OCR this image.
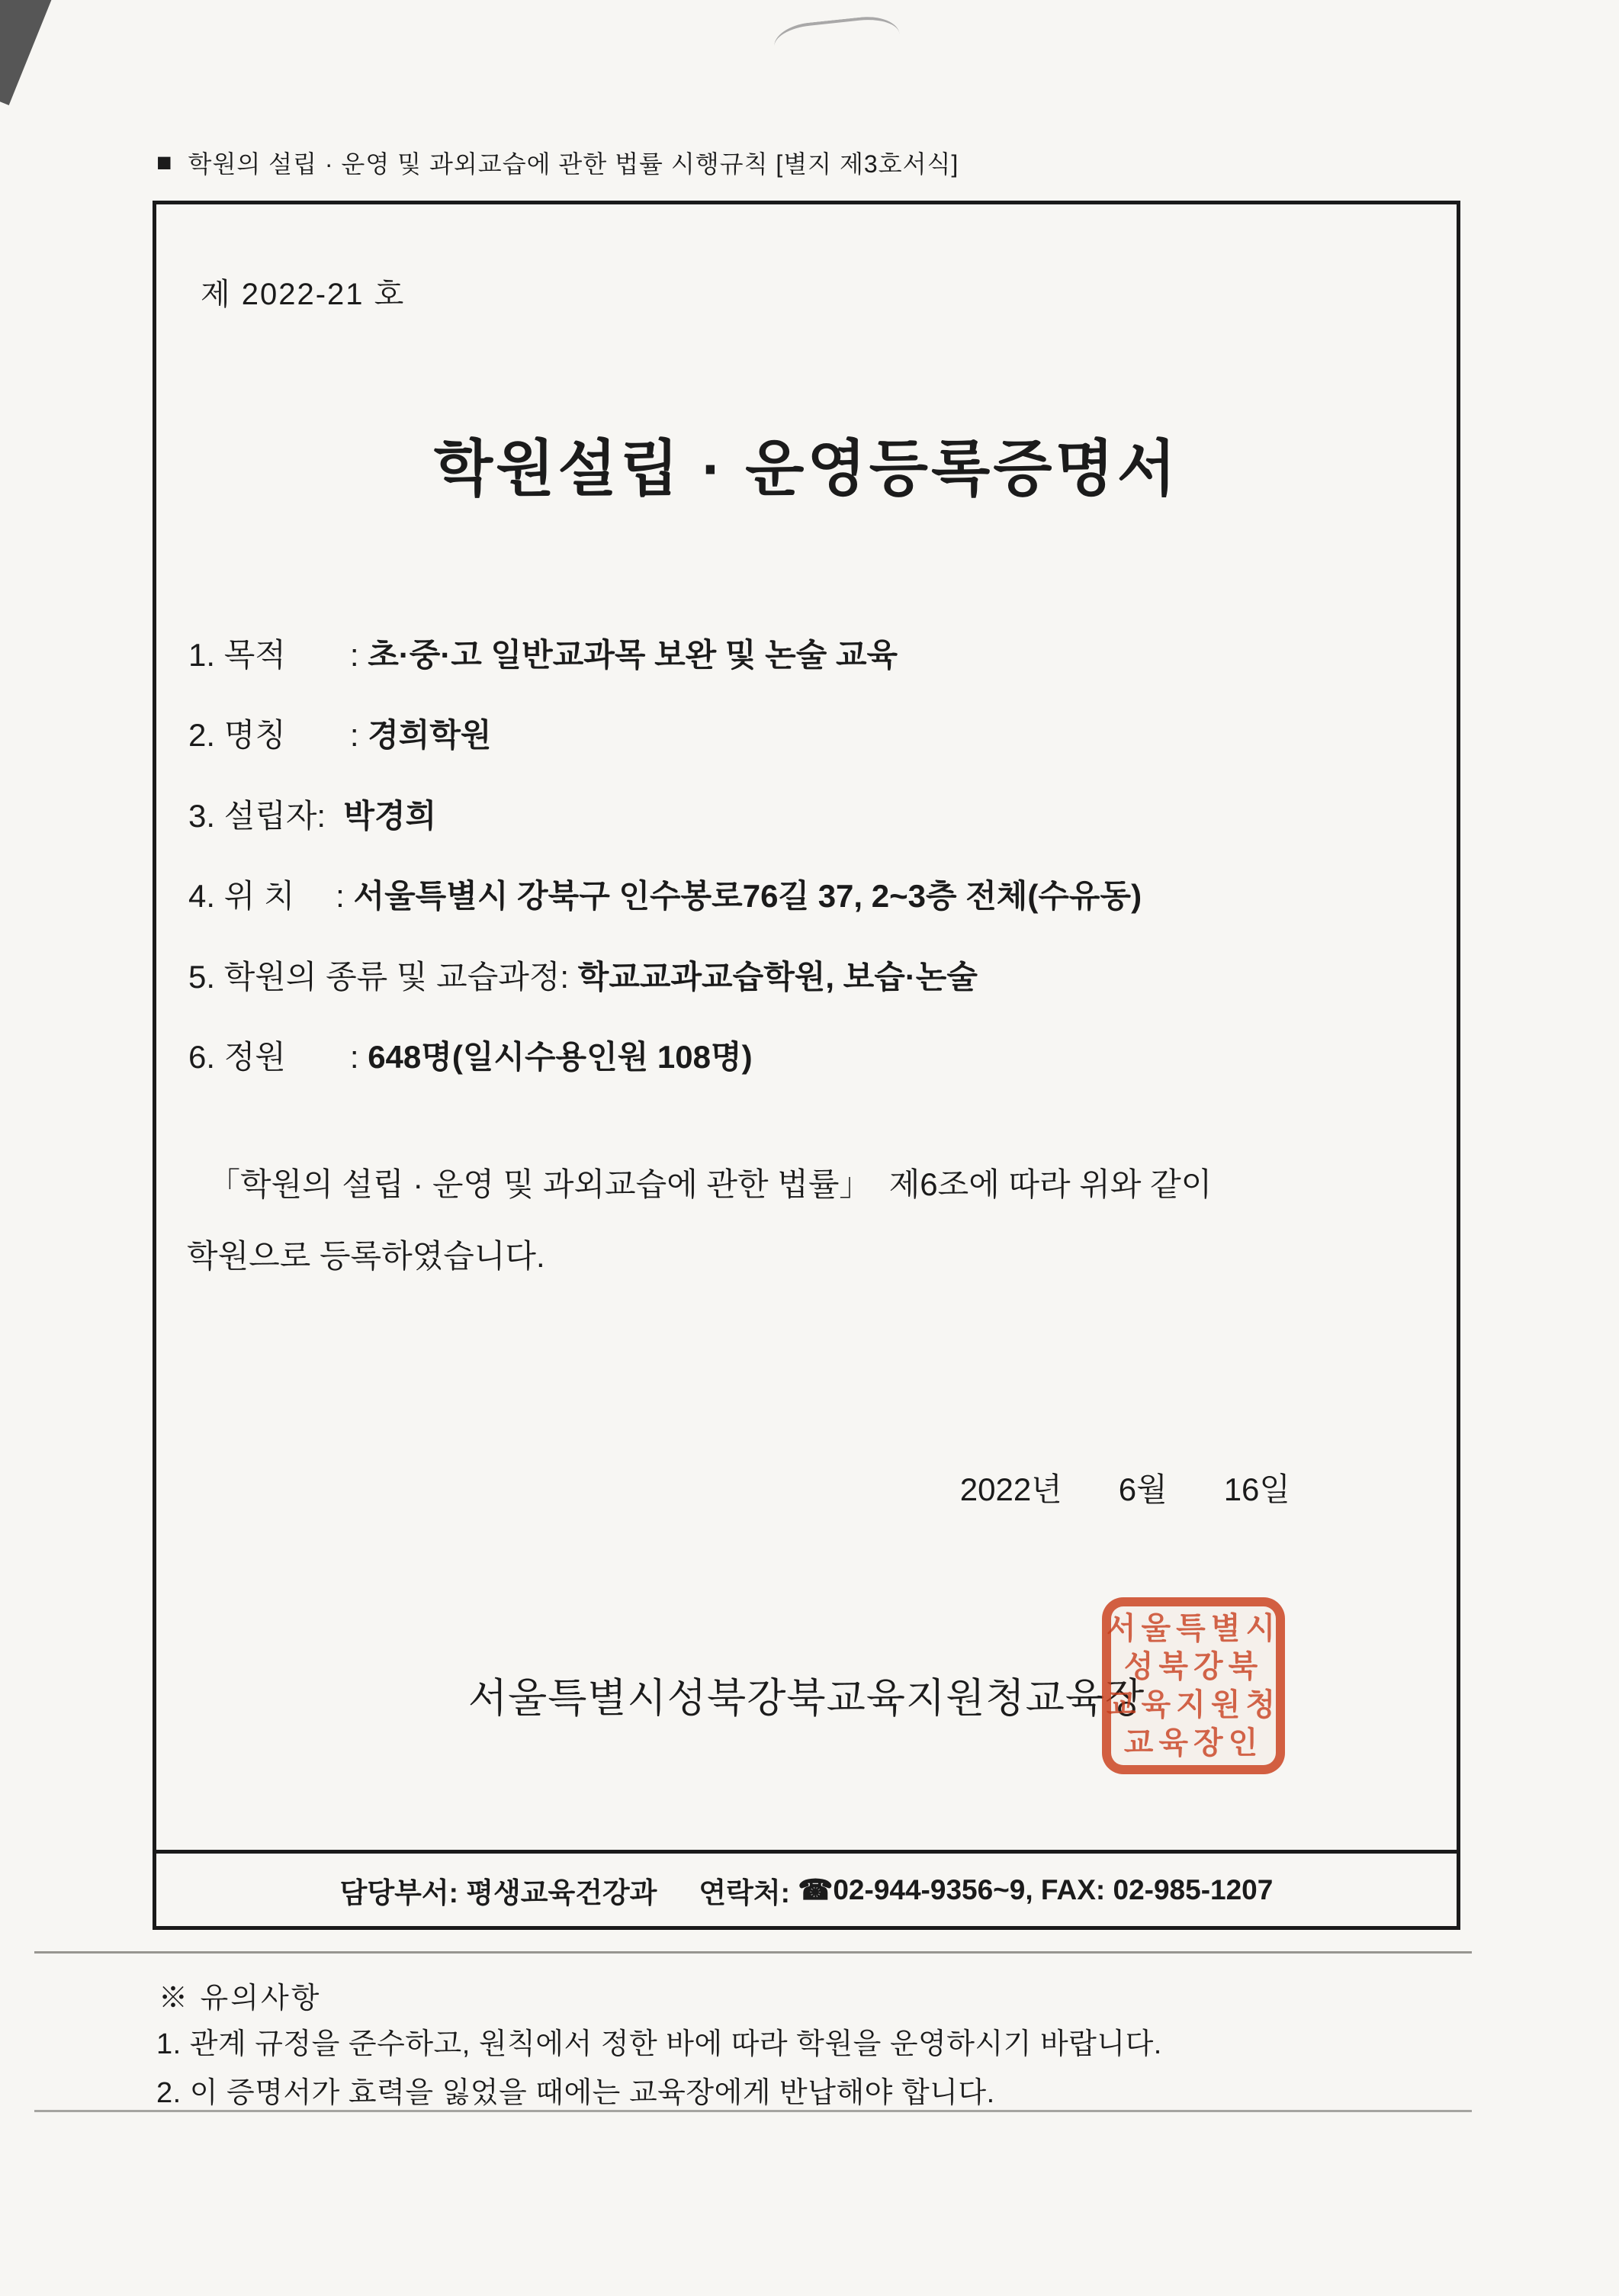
■ 학원의 설립 · 운영 및 과외교습에 관한 법률 시행규칙 [별지 제3호서식]
제 2022-21 호
학원설립 · 운영등록증명서
1. 목적　　: 초·중·고 일반교과목 보완 및 논술 교육
2. 명칭　　: 경희학원
3. 설립자: 박경희
4. 위 치　 : 서울특별시 강북구 인수봉로76길 37, 2~3층 전체(수유동)
5. 학원의 종류 및 교습과정: 학교교과교습학원, 보습·논술
6. 정원　　: 648명(일시수용인원 108명)
「학원의 설립 · 운영 및 과외교습에 관한 법률」  제6조에 따라 위와 같이
학원으로 등록하였습니다.
2022년 6월 16일
서울특별시성북강북교육지원청교육장
서울특별시
성북강북
교육지원청
교육장인
담당부서: 평생교육건강과 연락처: ☎ 02-944-9356~9, FAX: 02-985-1207
※ 유의사항
1. 관계 규정을 준수하고, 원칙에서 정한 바에 따라 학원을 운영하시기 바랍니다.
2. 이 증명서가 효력을 잃었을 때에는 교육장에게 반납해야 합니다.
